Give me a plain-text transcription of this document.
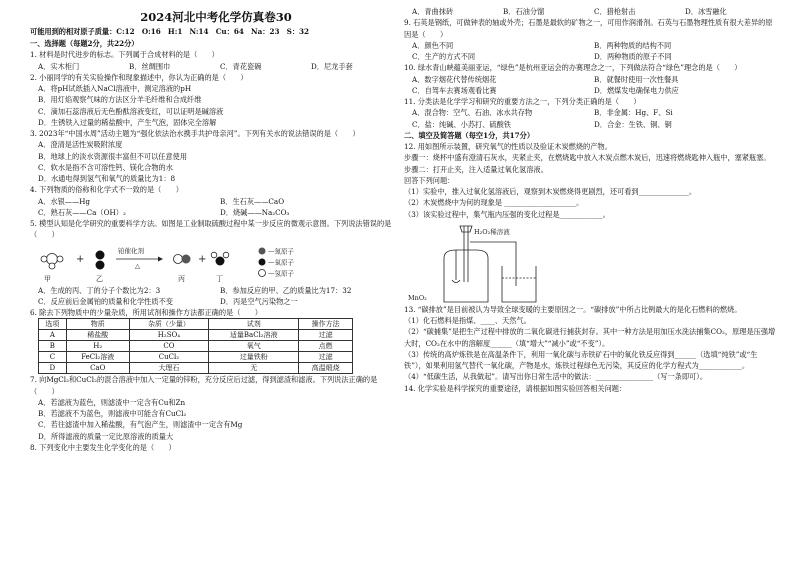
2024河北中考化学仿真卷30
可能用到的相对原子质量：C:12　O:16　H:1　N:14　Cu：64　Na：23　S：32
一、选择题（每题2分，共22分）
1. 材料是时代进步的标志。下列属于合成材料的是（　　）
A．实木柜门	B．丝绸围巾	C．青花瓷碗	D．尼龙手套
2. 小丽同学的有关实验操作和现象描述中，你认为正确的是（　　）
A．将pH试纸插入NaCl溶液中，测定溶液的pH
B．用灯焰观察气味的方法区分羊毛纤维和合成纤维
C．滴加石蕊溶液后无色酚酞溶液变红，可以证明是碱溶液
D．生锈铁入过量的稀盐酸中，产生气泡，固体完全溶解
3. 2023年“中国水周”活动主题为“强化依法治水携手共护母亲河”。下列有关水的说法错误的是（　　）
A．澄清是活性炭吸附浓度
B．地球上的淡水资源很丰富但不可以任意使用
C．软水是指不含可溶性钙、镁化合物的水
D．水通电得到氢气和氧气的质量比为1：8
4. 下列物质的俗称和化学式不一致的是（　　）
A．水银——Hg	B．生石灰——CaO
C．熟石灰——Ca（OH）₂	D．烧碱——Na₂CO₃
5. 模型认知是化学研究的重要科学方法。如图是工业制取硫酸过程中某一步反应的微观示意图。下列说法错误的是（　　）
+
铂催化剂
△
+
甲	乙	丙	丁
—氮原子
—氧原子
—氢原子
A．生成的丙、丁的分子个数比为2：3	B．参加反应的甲、乙的质量比为17：32
C．反应前后金属铂的质量和化学性质不变	D．丙是空气污染物之一
6. 除去下列物质中的少量杂质，所用试剂和操作方法都正确的是（　　）
选项	物质	杂质（少量）	试剂	操作方法
A	稀盐酸	H₂SO₄	适量BaCl₂溶液	过滤
B	H₂	CO	氧气	点燃
C	FeCl₂溶液	CuCl₂	过量铁粉	过滤
D	CaO	大理石	无	高温煅烧
7. 向MgCl₂和CuCl₂的混合溶液中加入一定量的锌粉，充分反应后过滤，得到滤渣和滤液。下列说法正确的是（　　）
A．若滤液为蓝色，则滤渣中一定含有Cu和Zn
B．若滤液不为蓝色，则滤液中可能含有CuCl₂
C．若往滤渣中加入稀盐酸，有气泡产生，则滤渣中一定含有Mg
D．所得滤液的质量一定比原溶液的质量大
8. 下列变化中主要发生化学变化的是（　　）
A．青曲抹砖	B．石油分馏	C．猎枪射击	D．冰雪融化
9. 石英是钢纸，可做钟表的轴或外壳；石墨是最软的矿物之一，可用作润滑剂。石英与石墨物理性质有很大差异的原因是（　　）
A．颜色不同	B．两种物质的结构不同
C．生产的方式不同	D．两种物质的原子不同
10. 绿水青山峡蕴美丽亚运，“绿色”是杭州亚运会的办赛理念之一，下列做法符合“绿色”理念的是（　　）
A．数字烟花代替传统烟花	B．就餐时使用一次性餐具
C．自驾车去赛场观看比赛	D．燃煤发电确保电力供应
11. 分类法是化学学习和研究的重要方法之一，下列分类正确的是（　　）
A．混合物：空气、石油、冰水共存物	B．非金属：Hg、F、Si
C．盐：纯碱、小苏打、硫酸铁	D．合金：生铁、铜、铜
二、填空及简答题（每空1分，共17分）
12. 用如图所示装置，研究氧气的性质以及验证木炭燃烧的产物。
步骤一：烧杯中盛有澄清石灰水，夹紧止夹，在燃烧匙中放入木炭点燃木炭后，迅速将燃烧匙伸入瓶中，塞紧瓶塞。
步骤二：打开止夹，注入适量过氧化氢溶液。
回答下列问题：
（1）实验中，推入过氧化氢溶液后，观察到木炭燃烧得更剧烈，还可看到______________。
（2）木炭燃烧中为何的现象是 ____________________。
（3）该实验过程中，集气瓶内压强的变化过程是____________。
H₂O₂稀溶液
MnO₂
13. “碳排放”是目前被认为导致全球变暖的主要原因之一。“碳排放”中所占比例最大的是化石燃料的燃烧。
（1）化石燃料是指煤、____、天然气。
（2）“碳捕集”是把生产过程中排放的二氧化碳进行捕获封存。其中一种方法是用加压水洗法捕集CO₂，原理是压强增大时，CO₂在水中的溶解度______（填“增大”“减小”或“不变”）。
（3）传统的高炉炼铁是在高温条件下，利用一氧化碳与赤铁矿石中的氧化铁反应得到______（选填“纯铁”或“生铁”），如果利用氢气替代一氧化碳，产物是水，炼铁过程绿色无污染，其反应的化学方程式为____________。
（4）“低碳生活，从我做起”。请写出你日常生活中的做法：________________（写一条即可）。
14. 化学实验是科学探究的重要途径，请根据如图实验回答相关问题：
